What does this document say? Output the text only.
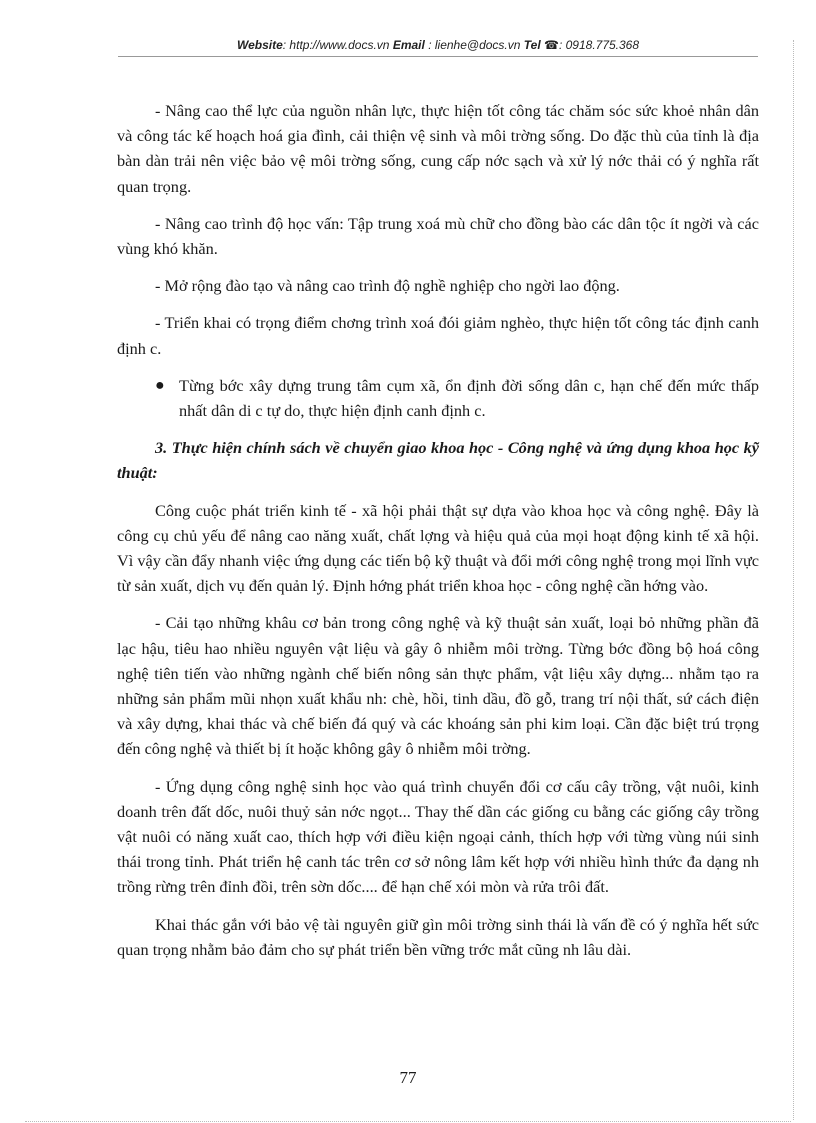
Website: http://www.docs.vn Email : lienhe@docs.vn Tel ☎: 0918.775.368

- Nâng cao thể lực của nguồn nhân lực, thực hiện tốt công tác chăm sóc sức khoẻ nhân dân và công tác kế hoạch hoá gia đình, cải thiện vệ sinh và môi trờng sống. Do đặc thù của tỉnh là địa bàn dàn trải nên việc bảo vệ môi trờng sống, cung cấp nớc sạch và xử lý nớc thải có ý nghĩa rất quan trọng.

- Nâng cao trình độ học vấn: Tập trung xoá mù chữ cho đồng bào các dân tộc ít ngời và các vùng khó khăn.

- Mở rộng đào tạo và nâng cao trình độ nghề nghiệp cho ngời lao động.

- Triển khai có trọng điểm chơng trình xoá đói giảm nghèo, thực hiện tốt công tác định canh định c.

● Từng bớc xây dựng trung tâm cụm xã, ổn định đời sống dân c, hạn chế đến mức thấp nhất dân di c tự do, thực hiện định canh định c.

3. Thực hiện chính sách về chuyển giao khoa học - Công nghệ và ứng dụng khoa học kỹ thuật:

Công cuộc phát triển kinh tế - xã hội phải thật sự dựa vào khoa học và công nghệ. Đây là công cụ chủ yếu để nâng cao năng xuất, chất lợng và hiệu quả của mọi hoạt động kinh tế xã hội. Vì vậy cần đẩy nhanh việc ứng dụng các tiến bộ kỹ thuật và đổi mới công nghệ trong mọi lĩnh vực từ sản xuất, dịch vụ đến quản lý. Định hớng phát triển khoa học - công nghệ cần hớng vào.

- Cải tạo những khâu cơ bản trong công nghệ và kỹ thuật sản xuất, loại bỏ những phần đã lạc hậu, tiêu hao nhiều nguyên vật liệu và gây ô nhiễm môi trờng. Từng bớc đồng bộ hoá công nghệ tiên tiến vào những ngành chế biến nông sản thực phẩm, vật liệu xây dựng... nhằm tạo ra những sản phẩm mũi nhọn xuất khẩu nh: chè, hồi, tinh dầu, đồ gỗ, trang trí nội thất, sứ cách điện và xây dựng, khai thác và chế biến đá quý và các khoáng sản phi kim loại. Cần đặc biệt trú trọng đến công nghệ và thiết bị ít hoặc không gây ô nhiễm môi trờng.

- Ứng dụng công nghệ sinh học vào quá trình chuyển đổi cơ cấu cây trồng, vật nuôi, kinh doanh trên đất dốc, nuôi thuỷ sản nớc ngọt... Thay thế dần các giống cu bằng các giống cây trồng vật nuôi có năng xuất cao, thích hợp với điều kiện ngoại cảnh, thích hợp với từng vùng núi sinh thái trong tỉnh. Phát triển hệ canh tác trên cơ sở nông lâm kết hợp với nhiều hình thức đa dạng nh trồng rừng trên đỉnh đồi, trên sờn dốc.... để hạn chế xói mòn và rửa trôi đất.

Khai thác gắn với bảo vệ tài nguyên giữ gìn môi trờng sinh thái là vấn đề có ý nghĩa hết sức quan trọng nhằm bảo đảm cho sự phát triển bền vững trớc mắt cũng nh lâu dài.

77
